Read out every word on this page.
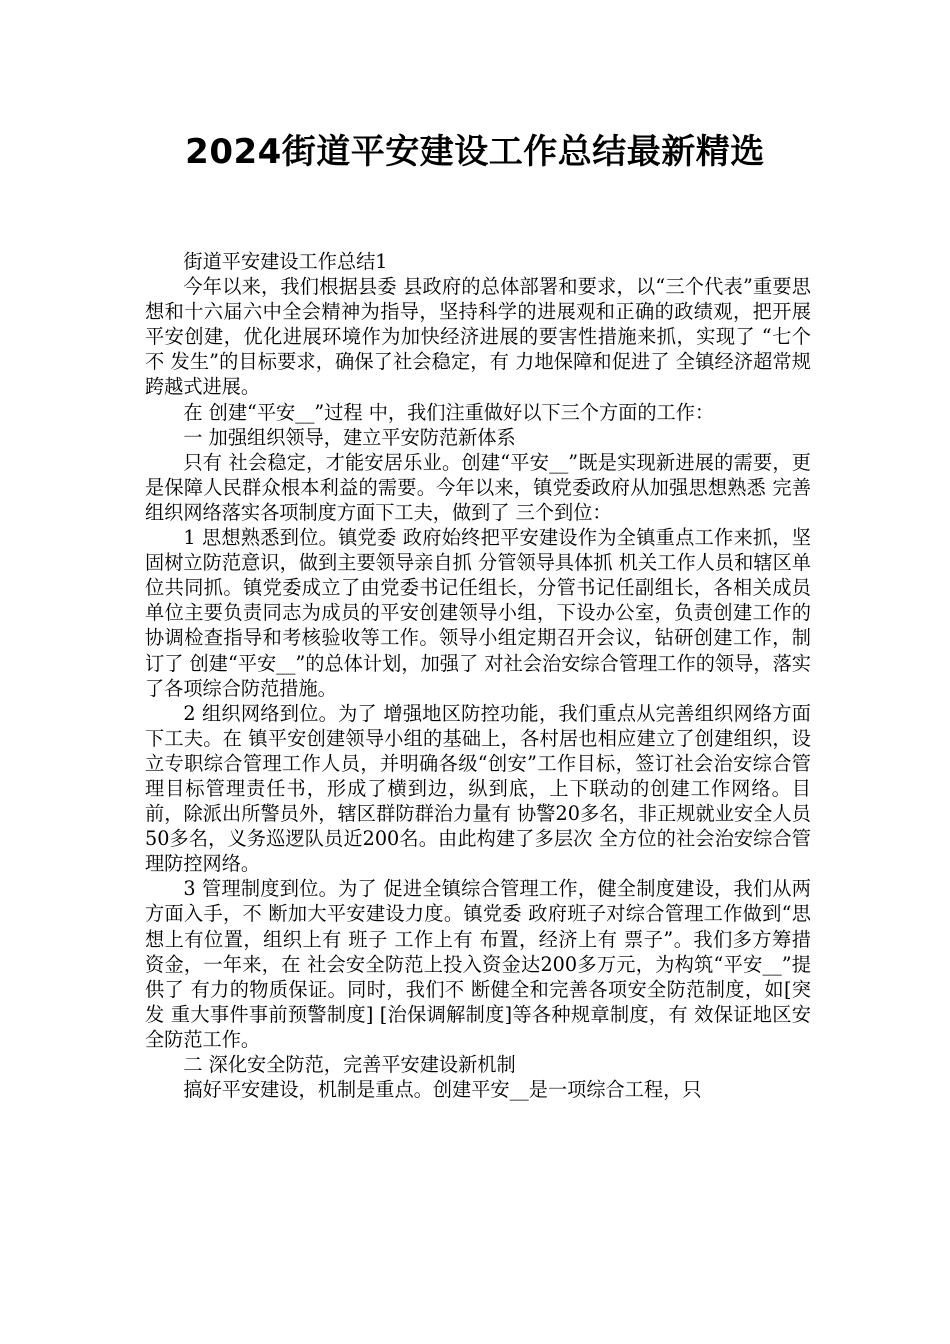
2024街道平安建设工作总结最新精选

街道平安建设工作总结1

今年以来，我们根据县委 县政府的总体部署和要求，以“三个代表”重要思想和十六届六中全会精神为指导，坚持科学的进展观和正确的政绩观，把开展平安创建，优化进展环境作为加快经济进展的要害性措施来抓，实现了 “七个不 发生”的目标要求，确保了社会稳定，有 力地保障和促进了 全镇经济超常规 跨越式进展。

在 创建“平安__”过程 中，我们注重做好以下三个方面的工作：

一 加强组织领导，建立平安防范新体系

只有 社会稳定，才能安居乐业。创建“平安__”既是实现新进展的需要，更是保障人民群众根本利益的需要。今年以来，镇党委政府从加强思想熟悉 完善组织网络落实各项制度方面下工夫，做到了 三个到位：

1 思想熟悉到位。镇党委 政府始终把平安建设作为全镇重点工作来抓，坚固树立防范意识，做到主要领导亲自抓 分管领导具体抓 机关工作人员和辖区单位共同抓。镇党委成立了由党委书记任组长，分管书记任副组长，各相关成员单位主要负责同志为成员的平安创建领导小组，下设办公室，负责创建工作的协调检查指导和考核验收等工作。领导小组定期召开会议，钻研创建工作，制订了 创建“平安__”的总体计划，加强了 对社会治安综合管理工作的领导，落实了各项综合防范措施。

2 组织网络到位。为了 增强地区防控功能，我们重点从完善组织网络方面下工夫。在 镇平安创建领导小组的基础上，各村居也相应建立了创建组织，设立专职综合管理工作人员，并明确各级“创安”工作目标，签订社会治安综合管理目标管理责任书，形成了横到边，纵到底，上下联动的创建工作网络。目前，除派出所警员外，辖区群防群治力量有 协警20多名，非正规就业安全人员50多名，义务巡逻队员近200名。由此构建了多层次 全方位的社会治安综合管理防控网络。

3 管理制度到位。为了 促进全镇综合管理工作，健全制度建设，我们从两方面入手，不 断加大平安建设力度。镇党委 政府班子对综合管理工作做到“思想上有位置，组织上有 班子 工作上有 布置，经济上有 票子”。我们多方筹措资金，一年来，在 社会安全防范上投入资金达200多万元，为构筑“平安__”提供了 有力的物质保证。同时，我们不 断健全和完善各项安全防范制度，如[突发 重大事件事前预警制度] [治保调解制度]等各种规章制度，有 效保证地区安全防范工作。

二 深化安全防范，完善平安建设新机制

搞好平安建设，机制是重点。创建平安__是一项综合工程，只
